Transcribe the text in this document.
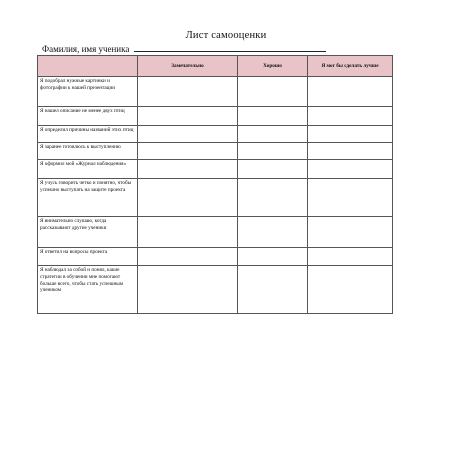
Лист самооценки
Фамилия, имя ученика
	Замечательно	Хорошо	Я мог бы сделать лучше
Я подобрал нужные картинки и фотографии к нашей презентации			
Я нашел описание не менее двух птиц			
Я определил причины названий этих птиц			
Я заранее готовлюсь к выступлению			
Я оформил мой «Журнал наблюдения»			
Я учусь говорить четко и понятно, чтобы успешно выступать на защите проекта			
Я внимательно слушаю, когда рассказывают другие ученики			
Я ответил на вопросы проекта			
Я наблюдал за собой и понял, какие стратегии в обучении мне помогают больше всего, чтобы стать успешным учеником			
